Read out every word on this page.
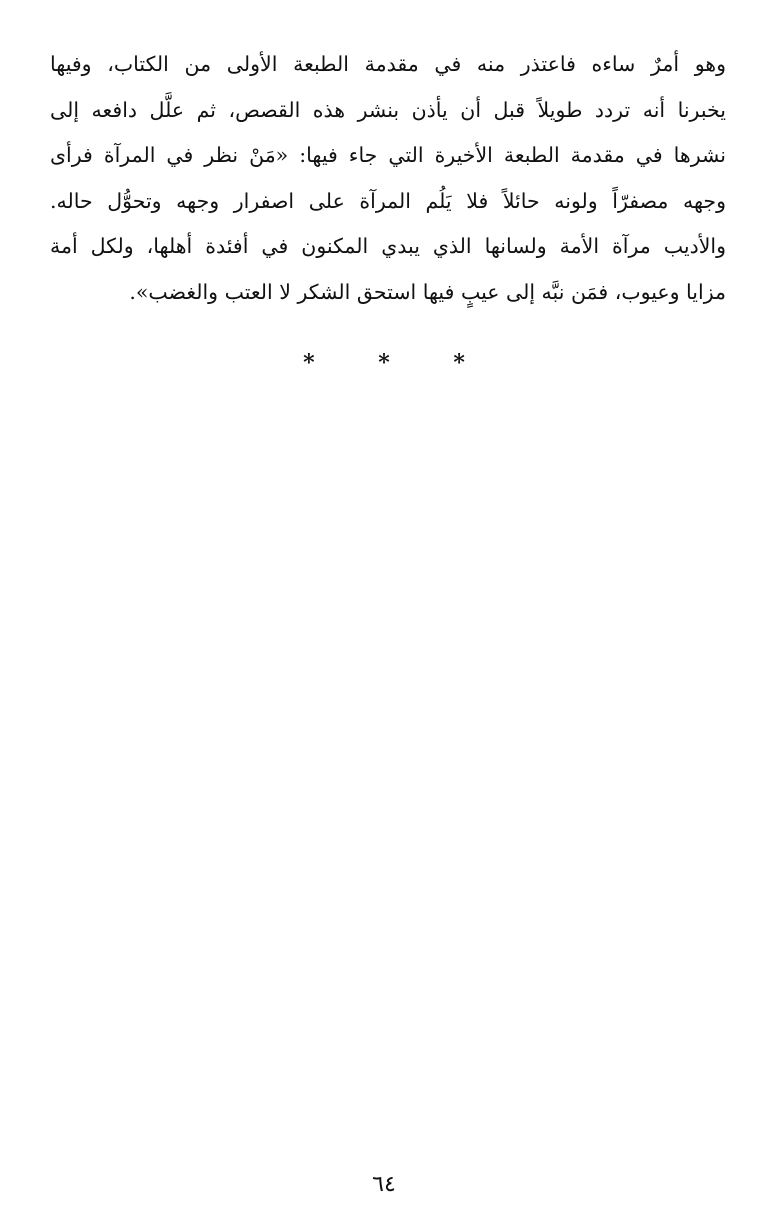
وهو أمرٌ ساءه فاعتذر منه في مقدمة الطبعة الأولى من الكتاب، وفيها
يخبرنا أنه تردد طويلاً قبل أن يأذن بنشر هذه القصص، ثم علَّل دافعه إلى
نشرها في مقدمة الطبعة الأخيرة التي جاء فيها: «مَنْ نظر في المرآة فرأى
وجهه مصفرّاً ولونه حائلاً فلا يَلُم المرآة على اصفرار وجهه وتحوُّل حاله.
والأديب مرآة الأمة ولسانها الذي يبدي المكنون في أفئدة أهلها، ولكل أمة
مزايا وعيوب، فمَن نبَّه إلى عيبٍ فيها استحق الشكر لا العتب والغضب».
* * *
٦٤
